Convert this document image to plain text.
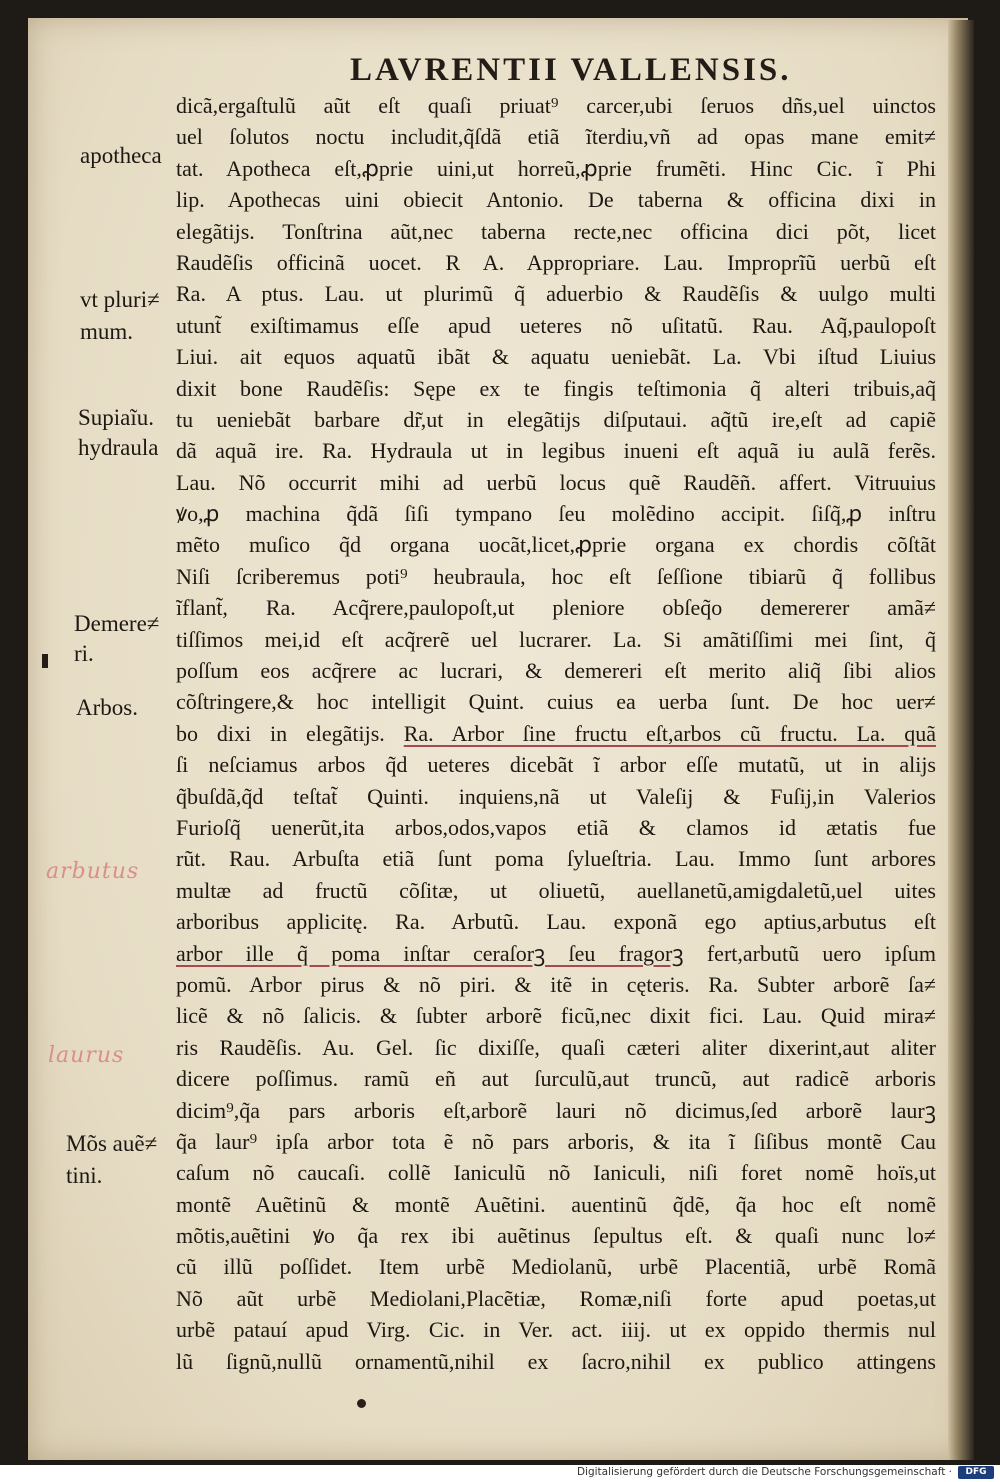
LAVRENTII VALLENSIS.
dicã,ergaſtulũ aũt eſt quaſi priuat⁹ carcer,ubi ſeruos dñs,uel uinctos
uel ſolutos noctu includit,q̃ſdã etiã ĩterdiu,vñ ad opas mane emit≠
tat. Apotheca eſt,ꝓprie uini,ut horreũ,ꝓprie frumẽti. Hinc Cic. ĩ Phi
lip. Apothecas uini obiecit Antonio. De taberna & officina dixi in
elegãtijs. Tonſtrina aũt,nec taberna recte,nec officina dici põt, licet
Raudẽſis officinã uocet. R A. Appropriare. Lau. Improprĩũ uerbũ eſt
Ra. A ptus. Lau. ut plurimũ q̃ aduerbio & Raudẽſis & uulgo multi
utunt̃ exiſtimamus eſſe apud ueteres nõ uſitatũ. Rau. Aq̃,paulopoſt
Liui. ait equos aquatũ ibãt & aquatu ueniebãt. La. Vbi iſtud Liuius
dixit bone Raudẽſis: Sępe ex te fingis teſtimonia q̃ alteri tribuis,aq̃
tu ueniebãt barbare dr̃,ut in elegãtijs diſputaui. aq̃tũ ire,eſt ad capiẽ
dã aquã ire. Ra. Hydraula ut in legibus inueni eſt aquã iu aulã ferẽs.
Lau. Nõ occurrit mihi ad uerbũ locus quẽ Raudẽñ. affert. Vitruuius
ꝟo,ꝓ machina q̃dã ſiſi tympano ſeu molẽdino accipit. ſiſq̃,ꝓ inſtru
mẽto muſico q̃d organa uocãt,licet,ꝓprie organa ex chordis cõſtãt
Niſi ſcriberemus poti⁹ heubraula, hoc eſt ſeſſione tibiarũ q̃ follibus
ĩflant̃, Ra. Acq̃rere,paulopoſt,ut pleniore obſeq̃o demererer amã≠
tiſſimos mei,id eſt acq̃rerẽ uel lucrarer. La. Si amãtiſſimi mei ſint, q̃
poſſum eos acq̃rere ac lucrari, & demereri eſt merito aliq̃ ſibi alios
cõſtringere,& hoc intelligit Quint. cuius ea uerba ſunt. De hoc uer≠
bo dixi in elegãtijs. Ra. Arbor ſine fructu eſt,arbos cũ fructu. La. quã
ſi neſciamus arbos q̃d ueteres dicebãt ĩ arbor eſſe mutatũ, ut in alijs
q̃buſdã,q̃d teſtat̃ Quinti. inquiens,nã ut Valeſij & Fuſij,in Valerios
Furioſq̃ uenerũt,ita arbos,odos,vapos etiã & clamos id ætatis fue
rũt. Rau. Arbuſta etiã ſunt poma ſylueſtria. Lau. Immo ſunt arbores
multæ ad fructũ cõſitæ, ut oliuetũ, auellanetũ,amigdaletũ,uel uites
arboribus applicitę. Ra. Arbutũ. Lau. exponã ego aptius,arbutus eſt
arbor ille q̃ poma inſtar ceraſorꝫ ſeu fragorꝫ fert,arbutũ uero ipſum
pomũ. Arbor pirus & nõ piri. & itẽ in cęteris. Ra. Subter arborẽ ſa≠
licẽ & nõ ſalicis. & ſubter arborẽ ficũ,nec dixit fici. Lau. Quid mira≠
ris Raudẽſis. Au. Gel. ſic dixiſſe, quaſi cæteri aliter dixerint,aut aliter
dicere poſſimus. ramũ eñ aut ſurculũ,aut truncũ, aut radicẽ arboris
dicim⁹,q̃a pars arboris eſt,arborẽ lauri nõ dicimus,ſed arborẽ laurꝫ
q̃a laur⁹ ipſa arbor tota ẽ nõ pars arboris, & ita ĩ ſiſibus montẽ Cau
caſum nõ caucaſi. collẽ Ianiculũ nõ Ianiculi, niſi foret nomẽ hoïs,ut
montẽ Auẽtinũ & montẽ Auẽtini. auentinũ q̃dẽ, q̃a hoc eſt nomẽ
mõtis,auẽtini ꝟo q̃a rex ibi auẽtinus ſepultus eſt. & quaſi nunc lo≠
cũ illũ poſſidet. Item urbẽ Mediolanũ, urbẽ Placentiã, urbẽ Romã
Nõ aũt urbẽ Mediolani,Placẽtiæ, Romæ,niſi forte apud poetas,ut
urbẽ patauí apud Virg. Cic. in Ver. act. iiij. ut ex oppido thermis nul
lũ ſignũ,nullũ ornamentũ,nihil ex ſacro,nihil ex publico attingens

apotheca

vt pluri≠

mum.

Supiaĩu.

hydraula

Demere≠

ri.

Arbos.

arbutus

laurus

Mõs auẽ≠

tini.

Digitalisierung gefördert durch die Deutsche Forschungsgemeinschaft ·	DFG
